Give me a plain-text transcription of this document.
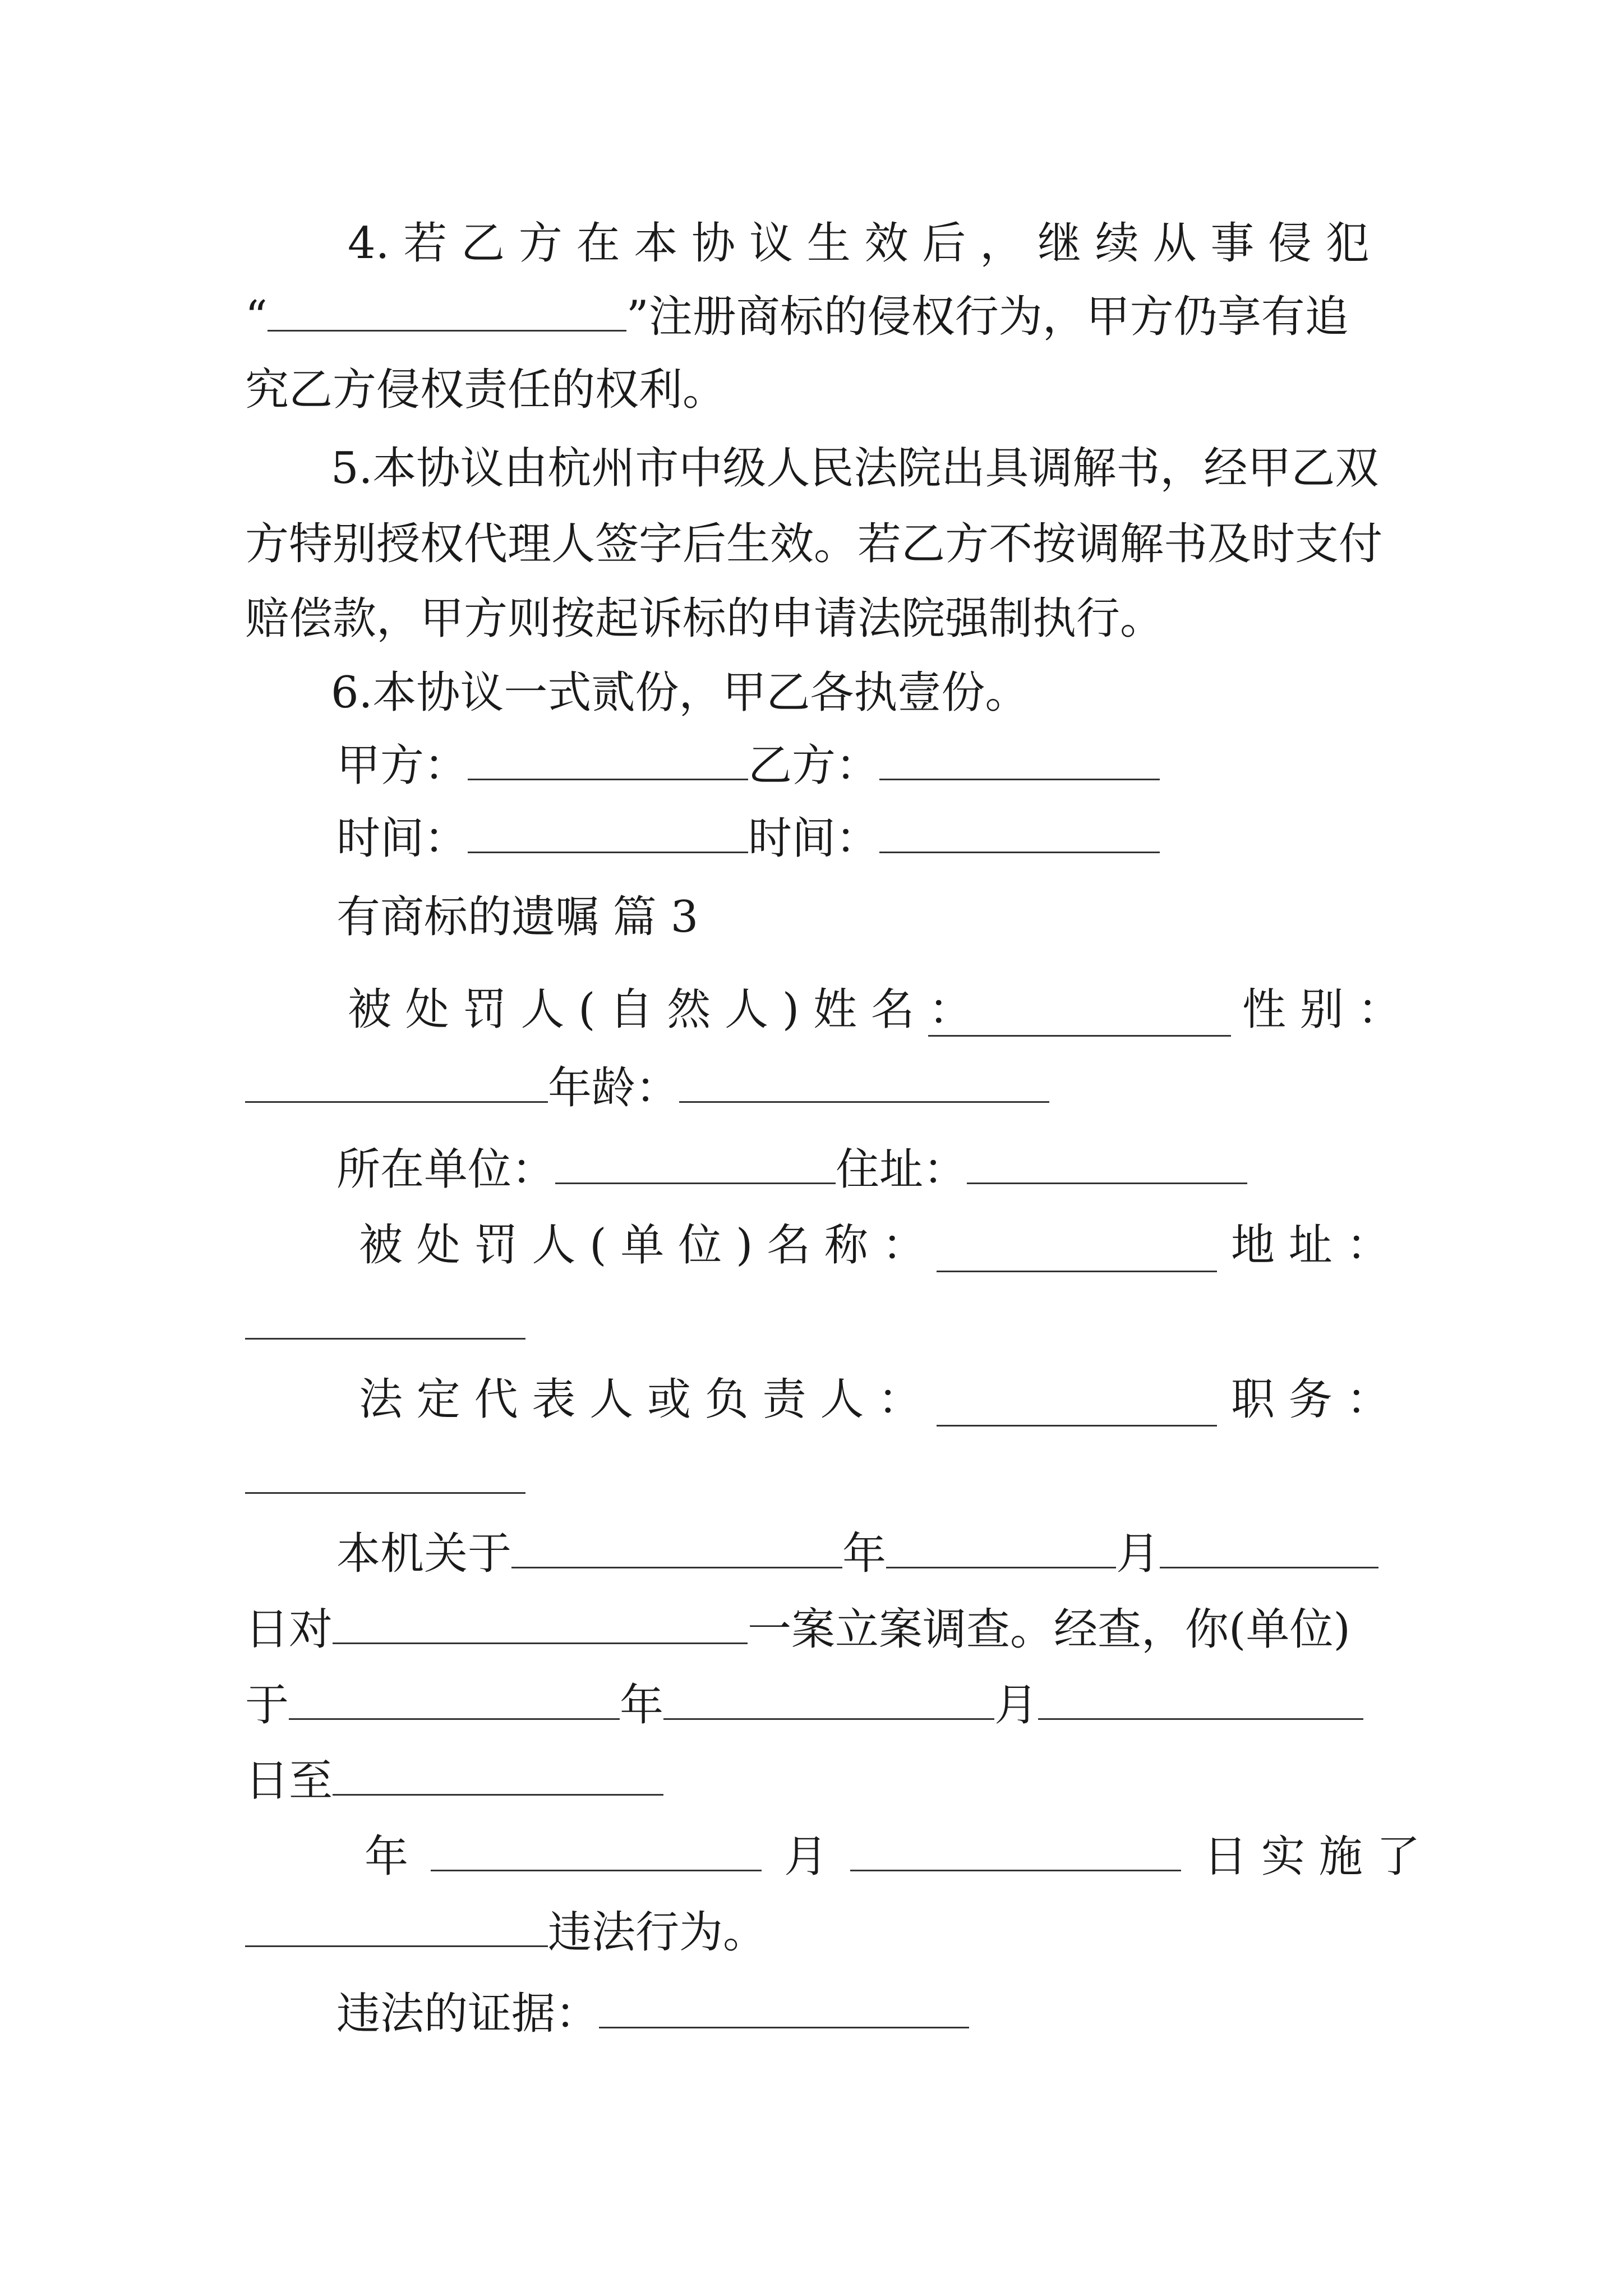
4. 若 乙 方 在 本 协 议 生 效 后 ， 继 续 从 事 侵 犯
“	”注册商标的侵权行为，甲方仍享有追
究乙方侵权责任的权利。
5.本协议由杭州市中级人民法院出具调解书，经甲乙双
方特别授权代理人签字后生效。若乙方不按调解书及时支付
赔偿款，甲方则按起诉标的申请法院强制执行。
6.本协议一式贰份，甲乙各执壹份。
甲方：	乙方：
时间：	时间：
有商标的遗嘱 篇 3
被 处 罚 人 ( 自 然 人 ) 姓 名 ：	性 别 ：
年龄：
所在单位：	住址：
被 处 罚 人 ( 单 位 ) 名 称 ：	地 址 ：
法 定 代 表 人 或 负 责 人 ：	职 务 ：
本机关于	年	月
日对	一案立案调查。经查，你(单位)
于	年	月
日至
年	月	日 实 施 了
违法行为。
违法的证据：
